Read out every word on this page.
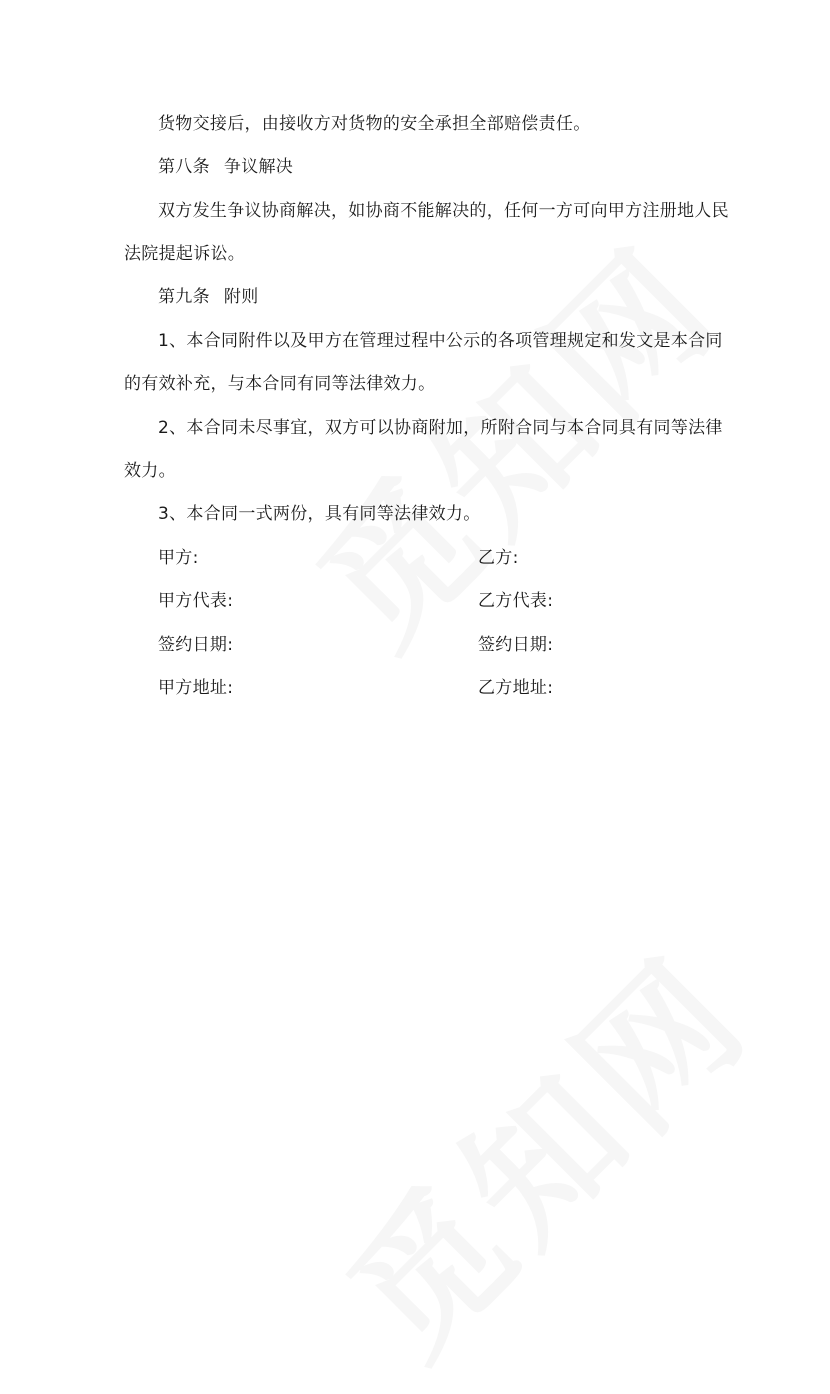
货物交接后，由接收方对货物的安全承担全部赔偿责任。
第八条 争议解决
双方发生争议协商解决，如协商不能解决的，任何一方可向甲方注册地人民
法院提起诉讼。
第九条 附则
1、本合同附件以及甲方在管理过程中公示的各项管理规定和发文是本合同
的有效补充，与本合同有同等法律效力。
2、本合同未尽事宜，双方可以协商附加，所附合同与本合同具有同等法律
效力。
3、本合同一式两份，具有同等法律效力。
甲方:	乙方:
甲方代表:	乙方代表:
签约日期:	签约日期:
甲方地址:	乙方地址:
